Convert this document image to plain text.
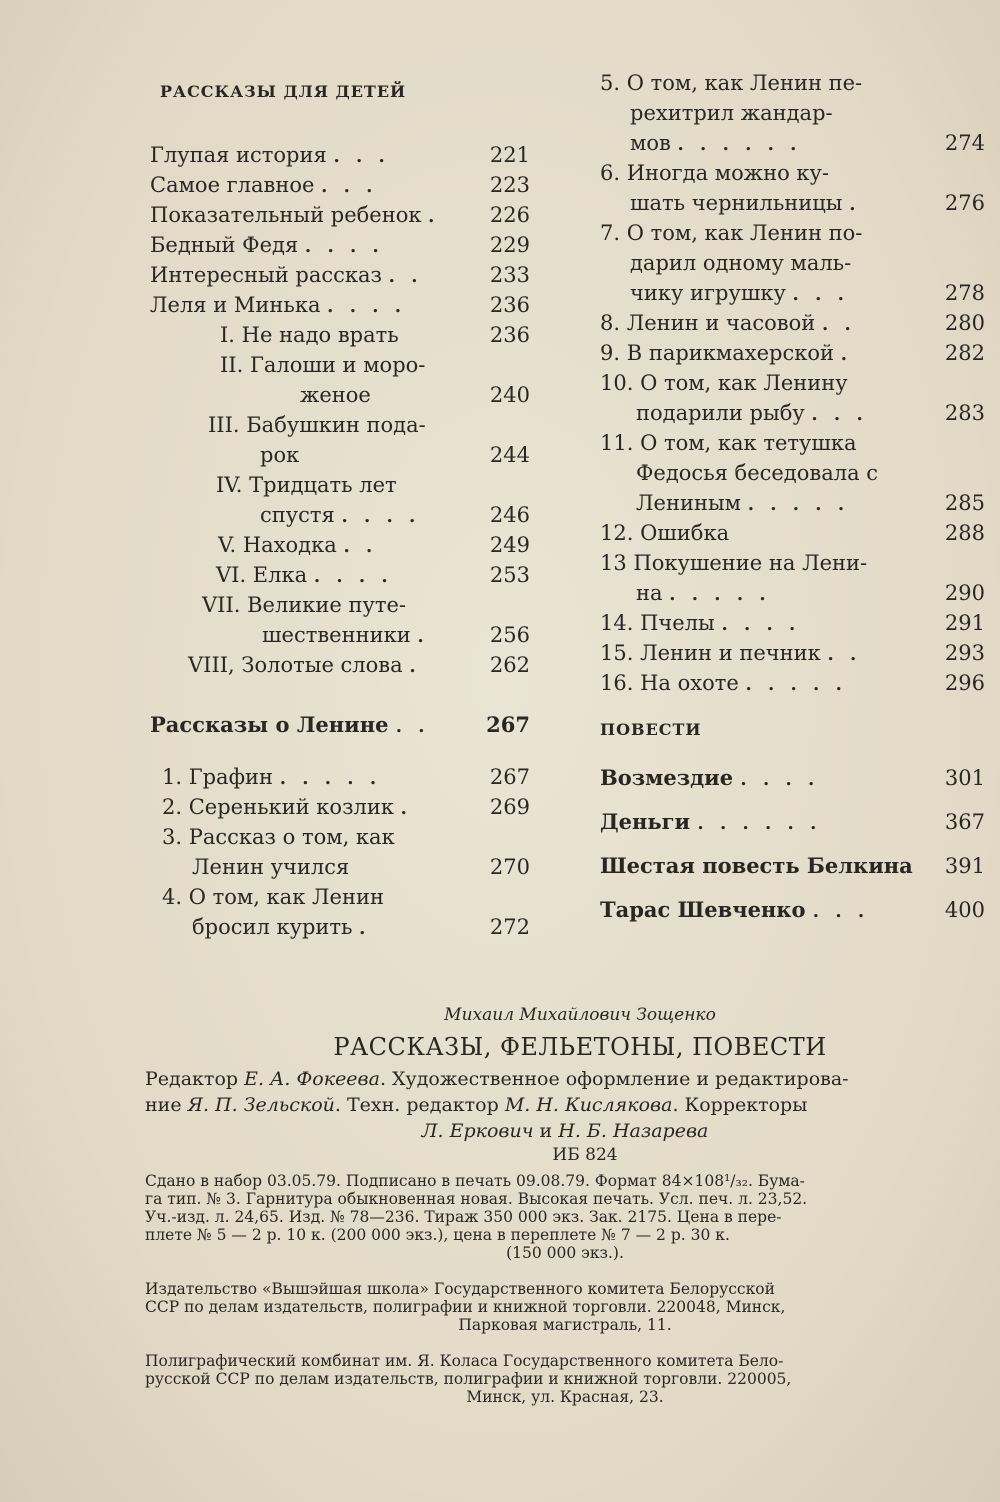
РАССКАЗЫ ДЛЯ ДЕТЕЙ
Глупая история . . .	221
Самое главное . . .	223
Показательный ребенок . 226
Бедный Федя . . . .	229
Интересный рассказ . .	233
Леля и Минька . . . .	236
I. Не надо врать	236
II. Галоши и моро-
женое	240
III. Бабушкин пода-
рок	244
IV. Тридцать лет
спустя . . . .	246
V. Находка . .	249
VI. Елка . . . .	253
VII. Великие путе-
шественники .	256
VIII, Золотые слова .	262
Рассказы о Ленине . .	267
1. Графин . . . . .	267
2. Серенький козлик .	269
3. Рассказ о том, как
Ленин учился	270
4. О том, как Ленин
бросил курить .	272
5. О том, как Ленин пе-
рехитрил жандар-
мов . . . . . .	274
6. Иногда можно ку-
шать чернильницы .	276
7. О том, как Ленин по-
дарил одному маль-
чику игрушку . . .	278
8. Ленин и часовой . .	280
9. В парикмахерской .	282
10. О том, как Ленину
подарили рыбу . . .	283
11. О том, как тетушка
Федосья беседовала с
Лениным . . . . .	285
12. Ошибка	288
13 Покушение на Лени-
на . . . . .	290
14. Пчелы . . . .	291
15. Ленин и печник . .	293
16. На охоте . . . . .	296
ПОВЕСТИ
Возмездие . . . .	301
Деньги . . . . . .	367
Шестая повесть Белкина 391
Тарас Шевченко . . .	400
Михаил Михайлович Зощенко
РАССКАЗЫ, ФЕЛЬЕТОНЫ, ПОВЕСТИ
Редактор Е. А. Фокеева. Художественное оформление и редактирова-
ние Я. П. Зельской. Техн. редактор М. Н. Кислякова. Корректоры
Л. Еркович и Н. Б. Назарева
ИБ 824
Сдано в набор 03.05.79. Подписано в печать 09.08.79. Формат 84×108¹/₃₂. Бума-
га тип. № 3. Гарнитура обыкновенная новая. Высокая печать. Усл. печ. л. 23,52.
Уч.-изд. л. 24,65. Изд. № 78—236. Тираж 350 000 экз. Зак. 2175. Цена в пере-
плете № 5 — 2 р. 10 к. (200 000 экз.), цена в переплете № 7 — 2 р. 30 к.
(150 000 экз.).
Издательство «Вышэйшая школа» Государственного комитета Белорусской
ССР по делам издательств, полиграфии и книжной торговли. 220048, Минск,
Парковая магистраль, 11.
Полиграфический комбинат им. Я. Коласа Государственного комитета Бело-
русской ССР по делам издательств, полиграфии и книжной торговли. 220005,
Минск, ул. Красная, 23.
